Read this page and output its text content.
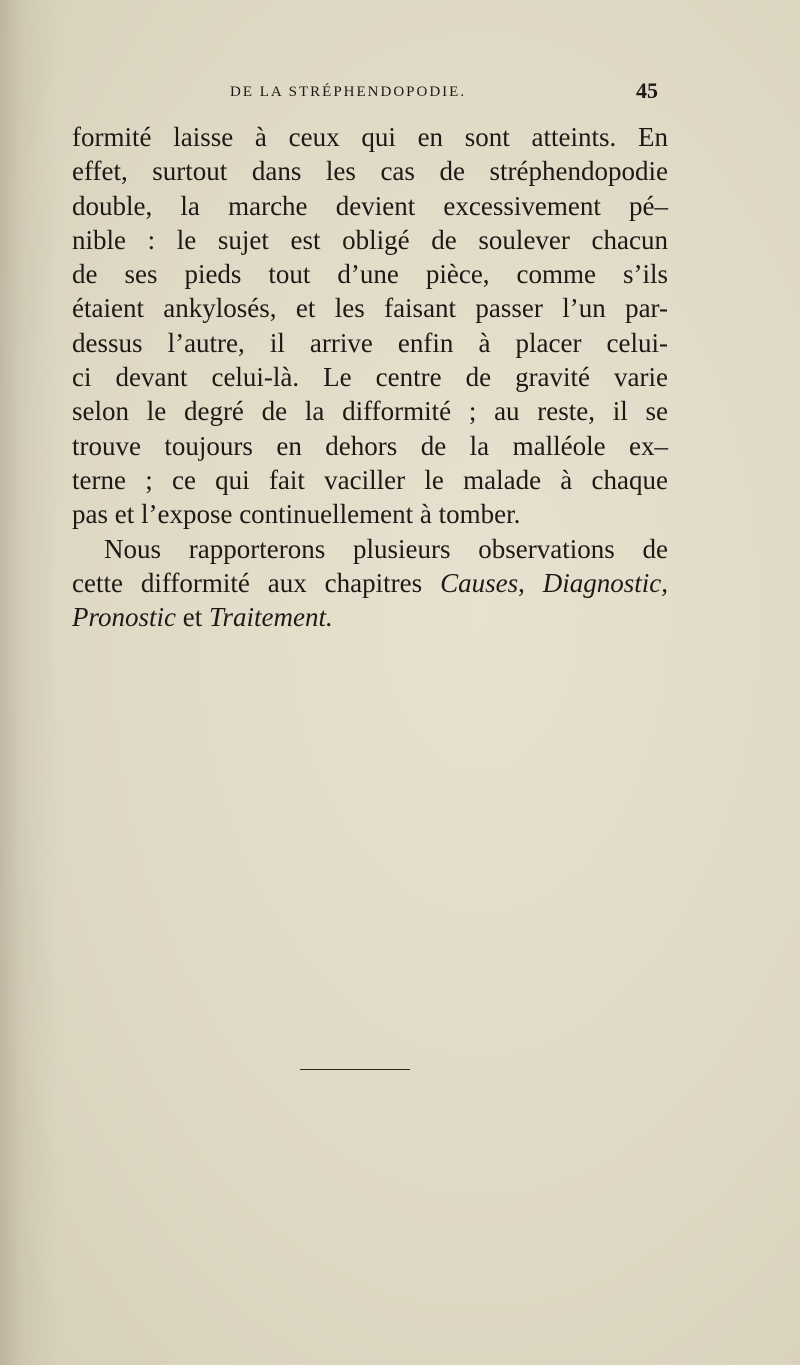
DE LA STRÉPHENDOPODIE.	45
formité laisse à ceux qui en sont atteints. En
effet, surtout dans les cas de stréphendopodie
double, la marche devient excessivement pé–
nible : le sujet est obligé de soulever chacun
de ses pieds tout d’une pièce, comme s’ils
étaient ankylosés, et les faisant passer l’un par-
dessus l’autre, il arrive enfin à placer celui-
ci devant celui-là. Le centre de gravité varie
selon le degré de la difformité ; au reste, il se
trouve toujours en dehors de la malléole ex–
terne ; ce qui fait vaciller le malade à chaque
pas et l’expose continuellement à tomber.
Nous rapporterons plusieurs observations de
cette difformité aux chapitres Causes, Diagnostic,
Pronostic et Traitement.
